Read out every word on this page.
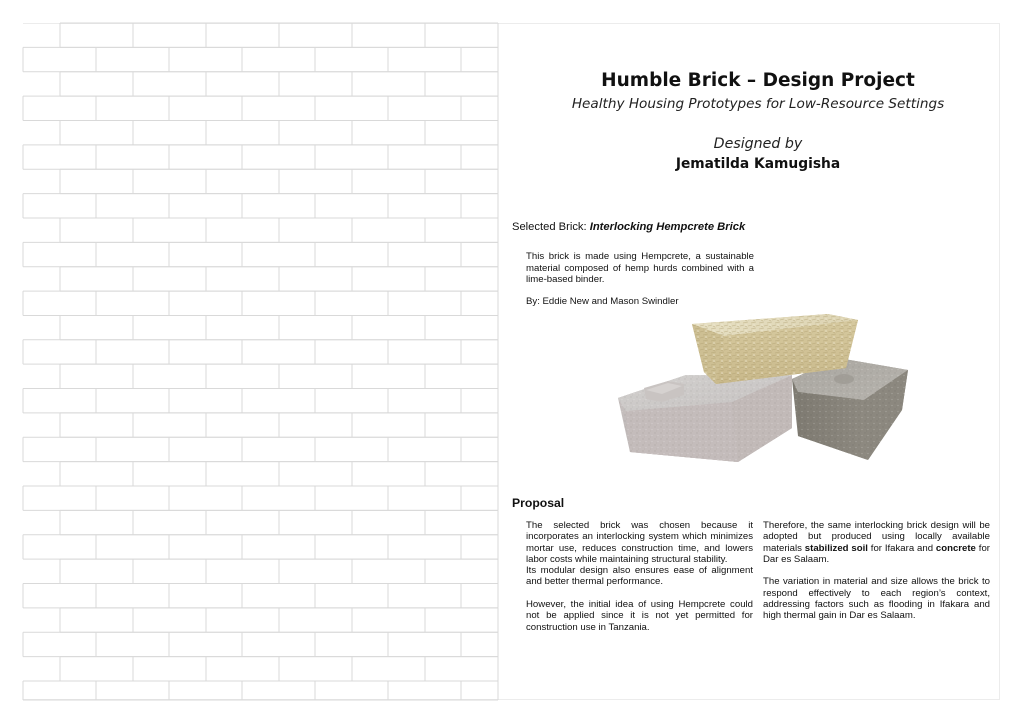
Humble Brick – Design Project
Healthy Housing Prototypes for Low-Resource Settings
Designed by
Jematilda Kamugisha
Selected Brick: Interlocking Hempcrete Brick
This brick is made using Hempcrete, a sustainable material composed of hemp hurds combined with a lime-based binder.
By: Eddie New and Mason Swindler
Proposal

The selected brick was chosen because it incorporates an interlocking system which minimizes mortar use, reduces construction time, and lowers labor costs while maintaining structural stability.

Its modular design also ensures ease of alignment and better thermal performance.

However, the initial idea of using Hempcrete could not be applied since it is not yet permitted for construction use in Tanzania.

Therefore, the same interlocking brick design will be adopted but produced using locally available materials stabilized soil for Ifakara and concrete for Dar es Salaam.

The variation in material and size allows the brick to respond effectively to each region’s context, addressing factors such as flooding in Ifakara and high thermal gain in Dar es Salaam.
